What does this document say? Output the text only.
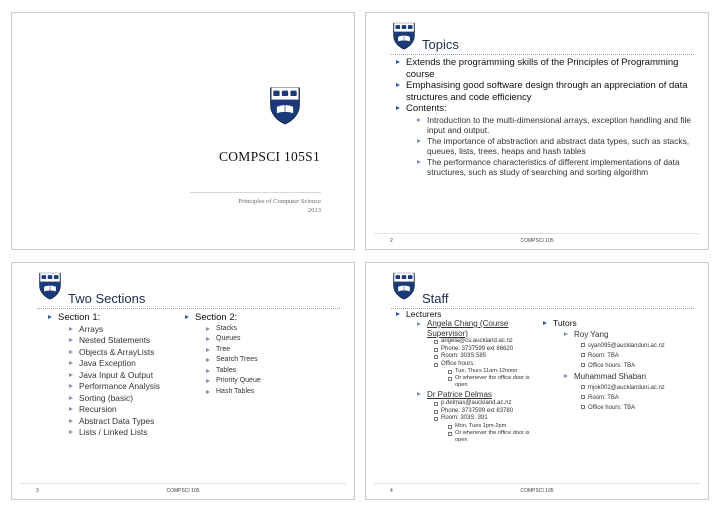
COMPSCI 105S1
Principles of Computer Science
2013
Topics
Extends the programming skills of the Principles of Programming course
Emphasising good software design through an appreciation of data structures and code efficiency
Contents:
Introduction to the multi-dimensional arrays, exception handling and file input and output.
The importance of abstraction and abstract data types, such as stacks, queues, lists, trees, heaps and hash tables
The performance characteristics of different implementations of data structures, such as study of searching and sorting algorithm
2	COMPSCI 105
Two Sections
Section 1:
Arrays
Nested Statements
Objects & ArrayLists
Java Exception
Java Input & Output
Performance Analysis
Sorting (basic)
Recursion
Abstract Data Types
Lists / Linked Lists
Section 2:
Stacks
Queues
Tree
Search Trees
Tables
Priority Queue
Hash Tables
3	COMPSCI 105
Staff
Lecturers
Angela Chang (Course Supervisor)
angela@cs.auckland.ac.nz
Phone: 3737599 ext 86620
Room: 303S.585
Office hours:
Tue, Thurs 11am-12noon
Or whenever the office door is open
Dr Patrice Delmas
p.delmas@auckland.ac.nz
Phone: 3737599 ext 83780
Room: 303S. 391
Mon, Tues 1pm-2pm
Or whenever the office door is open
Tutors
Roy Yang
syan095@aucklanduni.ac.nz
Room: TBA
Office hours: TBA
Muhammad Shaban
mjok002@aucklanduni.ac.nz
Room: TBA
Office hours: TBA
4	COMPSCI 105
